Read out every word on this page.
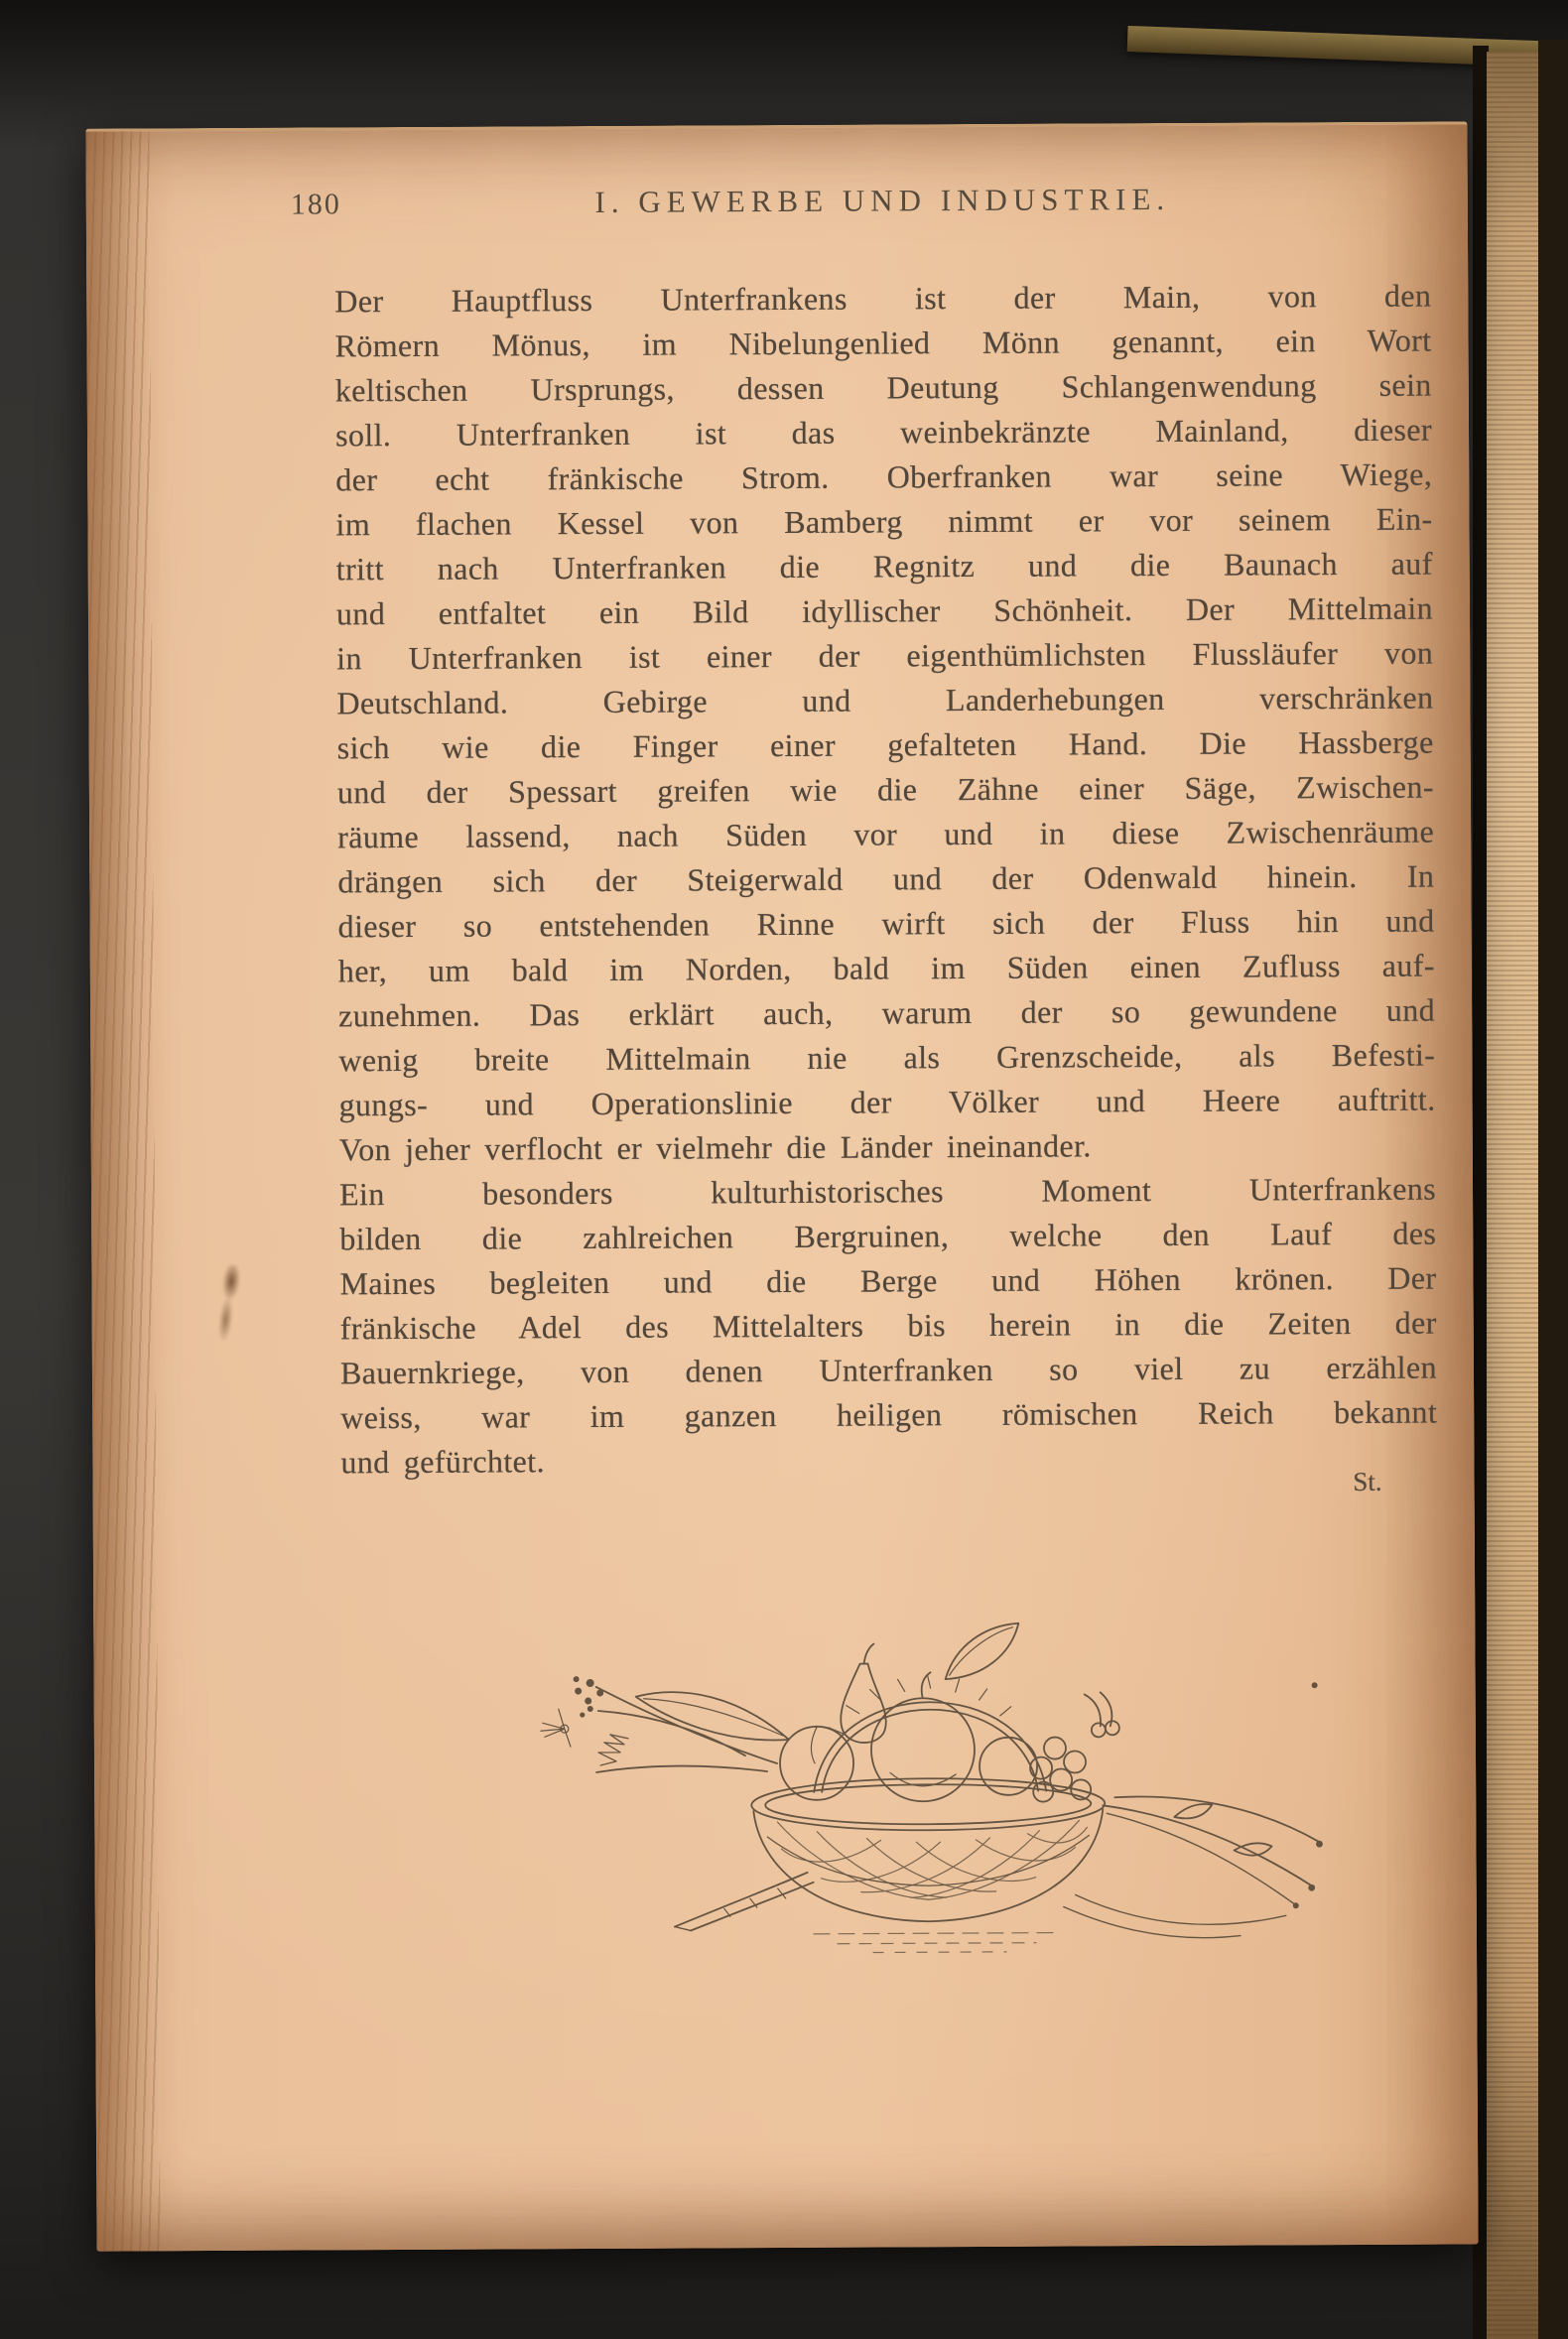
180	I. GEWERBE UND INDUSTRIE.
Der Hauptfluss Unterfrankens ist der Main, von den
Römern Mönus, im Nibelungenlied Mönn genannt, ein Wort
keltischen Ursprungs, dessen Deutung Schlangenwendung sein
soll. Unterfranken ist das weinbekränzte Mainland, dieser
der echt fränkische Strom. Oberfranken war seine Wiege,
im flachen Kessel von Bamberg nimmt er vor seinem Ein-
tritt nach Unterfranken die Regnitz und die Baunach auf
und entfaltet ein Bild idyllischer Schönheit. Der Mittelmain
in Unterfranken ist einer der eigenthümlichsten Flussläufer von
Deutschland. Gebirge und Landerhebungen verschränken
sich wie die Finger einer gefalteten Hand. Die Hassberge
und der Spessart greifen wie die Zähne einer Säge, Zwischen-
räume lassend, nach Süden vor und in diese Zwischenräume
drängen sich der Steigerwald und der Odenwald hinein. In
dieser so entstehenden Rinne wirft sich der Fluss hin und
her, um bald im Norden, bald im Süden einen Zufluss auf-
zunehmen. Das erklärt auch, warum der so gewundene und
wenig breite Mittelmain nie als Grenzscheide, als Befesti-
gungs- und Operationslinie der Völker und Heere auftritt.
Von jeher verflocht er vielmehr die Länder ineinander.
Ein besonders kulturhistorisches Moment Unterfrankens
bilden die zahlreichen Bergruinen, welche den Lauf des
Maines begleiten und die Berge und Höhen krönen. Der
fränkische Adel des Mittelalters bis herein in die Zeiten der
Bauernkriege, von denen Unterfranken so viel zu erzählen
weiss, war im ganzen heiligen römischen Reich bekannt
und gefürchtet.
St.
